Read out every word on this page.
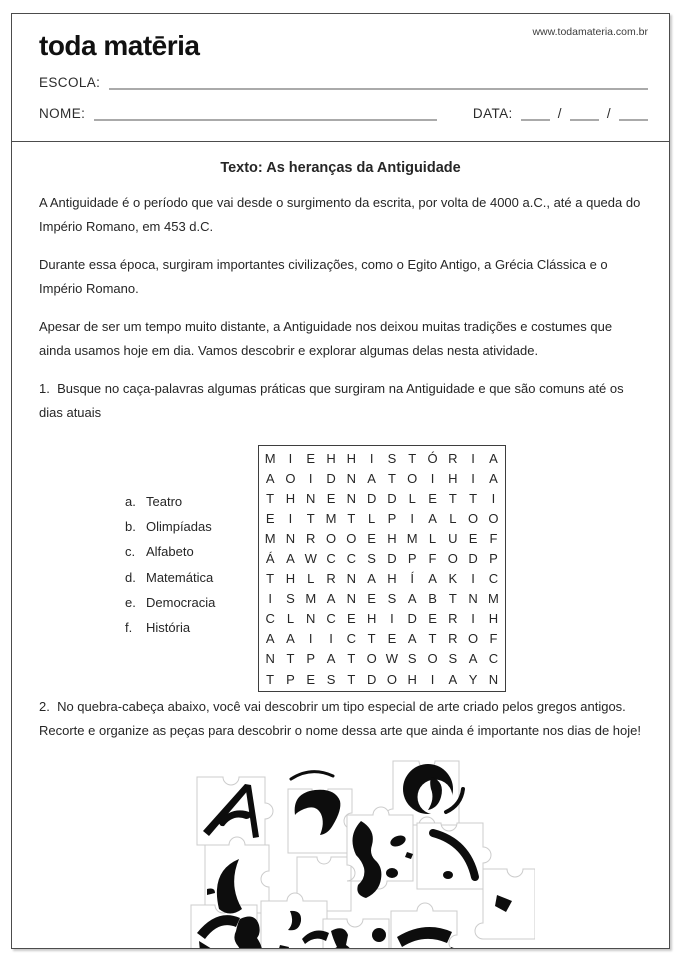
toda matēria	www.todamateria.com.br
ESCOLA:
NOME:	DATA:	/	/
Texto: As heranças da Antiguidade

A Antiguidade é o período que vai desde o surgimento da escrita, por volta de 4000 a.C., até a queda do Império Romano, em 453 d.C.

Durante essa época, surgiram importantes civilizações, como o Egito Antigo, a Grécia Clássica e o Império Romano.

Apesar de ser um tempo muito distante, a Antiguidade nos deixou muitas tradições e costumes que ainda usamos hoje em dia. Vamos descobrir e explorar algumas delas nesta atividade.

1.  Busque no caça-palavras algumas práticas que surgiram na Antiguidade e que são comuns até os dias atuais

a. Teatro
b. Olimpíadas
c. Alfabeto
d. Matemática
e. Democracia
f.	História
M	I	E H H	I	S T Ó R	I	A
A O	I	D N A T O	I	H	I	A
T H N E N D D L E T T	I
E	I	T M T L P	I	A L O O
M N R O O E H M L U E F
Á A W C C S D P F O D P
T H L R N A H	Í	A K	I	C
I	S M A N E S A B T N M
C L N C E H	I	D E R	I	H
A A	I	I	C T E A T R O F
N T P A T O W S O S A C
T P E S T D O H	I	A Y N

2.  No quebra-cabeça abaixo, você vai descobrir um tipo especial de arte criado pelos gregos antigos. Recorte e organize as peças para descobrir o nome dessa arte que ainda é importante nos dias de hoje!
